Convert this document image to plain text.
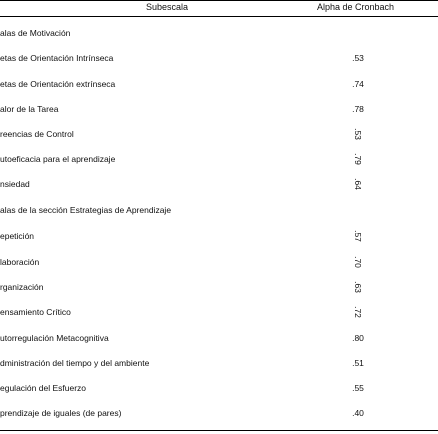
Subescala	Alpha de Cronbach
alas de Motivación
etas de Orientación Intrínseca	.53
etas de Orientación extrínseca	.74
alor de la Tarea	.78
reencias de Control	.53
utoeficacia para el aprendizaje	.79
nsiedad	.64
alas de la sección Estrategias de Aprendizaje
epetición	.57
laboración	.70
rganización	.63
ensamiento Crítico	.72
utorregulación Metacognitiva	.80
dministración del tiempo y del ambiente	.51
egulación del Esfuerzo	.55
prendizaje de iguales (de pares)	.40
